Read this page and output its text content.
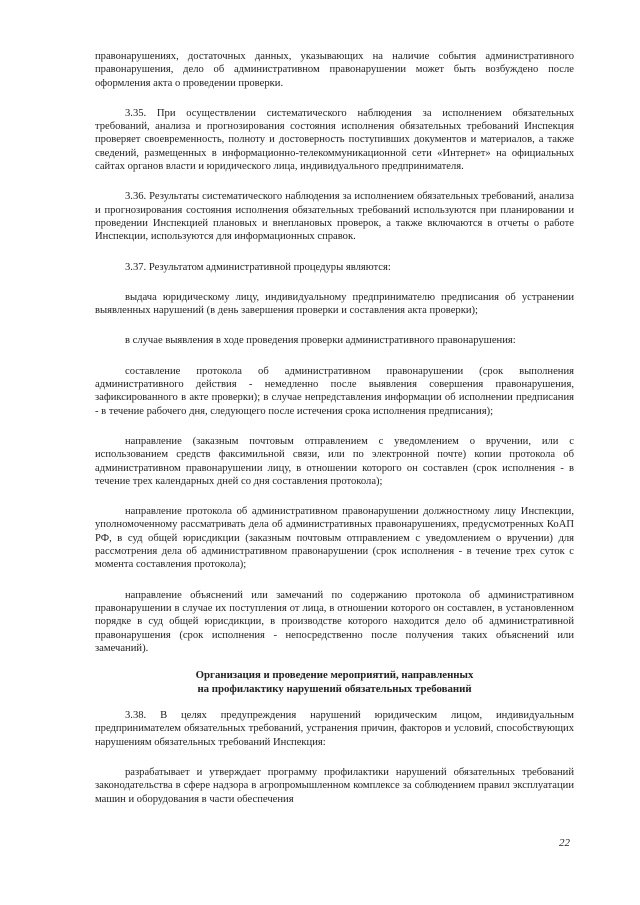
правонарушениях, достаточных данных, указывающих на наличие события административного правонарушения, дело об административном правонарушении может быть возбуждено после оформления акта о проведении проверки.

3.35. При осуществлении систематического наблюдения за исполнением обязательных требований, анализа и прогнозирования состояния исполнения обязательных требований Инспекция проверяет своевременность, полноту и достоверность поступивших документов и материалов, а также сведений, размещенных в информационно-телекоммуникационной сети «Интернет» на официальных сайтах органов власти и юридического лица, индивидуального предпринимателя.

3.36. Результаты систематического наблюдения за исполнением обязательных требований, анализа и прогнозирования состояния исполнения обязательных требований используются при планировании и проведении Инспекцией плановых и внеплановых проверок, а также включаются в отчеты о работе Инспекции, используются для информационных справок.

3.37. Результатом административной процедуры являются:

выдача юридическому лицу, индивидуальному предпринимателю предписания об устранении выявленных нарушений (в день завершения проверки и составления акта проверки);

в случае выявления в ходе проведения проверки административного правонарушения:

составление протокола об административном правонарушении (срок выполнения административного действия - немедленно после выявления совершения правонарушения, зафиксированного в акте проверки); в случае непредставления информации об исполнении предписания - в течение рабочего дня, следующего после истечения срока исполнения предписания);

направление (заказным почтовым отправлением с уведомлением о вручении, или с использованием средств факсимильной связи, или по электронной почте) копии протокола об административном правонарушении лицу, в отношении которого он составлен (срок исполнения - в течение трех календарных дней со дня составления протокола);

направление протокола об административном правонарушении должностному лицу Инспекции, уполномоченному рассматривать дела об административных правонарушениях, предусмотренных КоАП РФ, в суд общей юрисдикции (заказным почтовым отправлением с уведомлением о вручении) для рассмотрения дела об административном правонарушении (срок исполнения - в течение трех суток с момента составления протокола);

направление объяснений или замечаний по содержанию протокола об административном правонарушении в случае их поступления от лица, в отношении которого он составлен, в установленном порядке в суд общей юрисдикции, в производстве которого находится дело об административной правонарушения (срок исполнения - непосредственно после получения таких объяснений или замечаний).

Организация и проведение мероприятий, направленных
на профилактику нарушений обязательных требований

3.38. В целях предупреждения нарушений юридическим лицом, индивидуальным предпринимателем обязательных требований, устранения причин, факторов и условий, способствующих нарушениям обязательных требований Инспекция:

разрабатывает и утверждает программу профилактики нарушений обязательных требований законодательства в сфере надзора в агропромышленном комплексе за соблюдением правил эксплуатации машин и оборудования в части обеспечения

22
